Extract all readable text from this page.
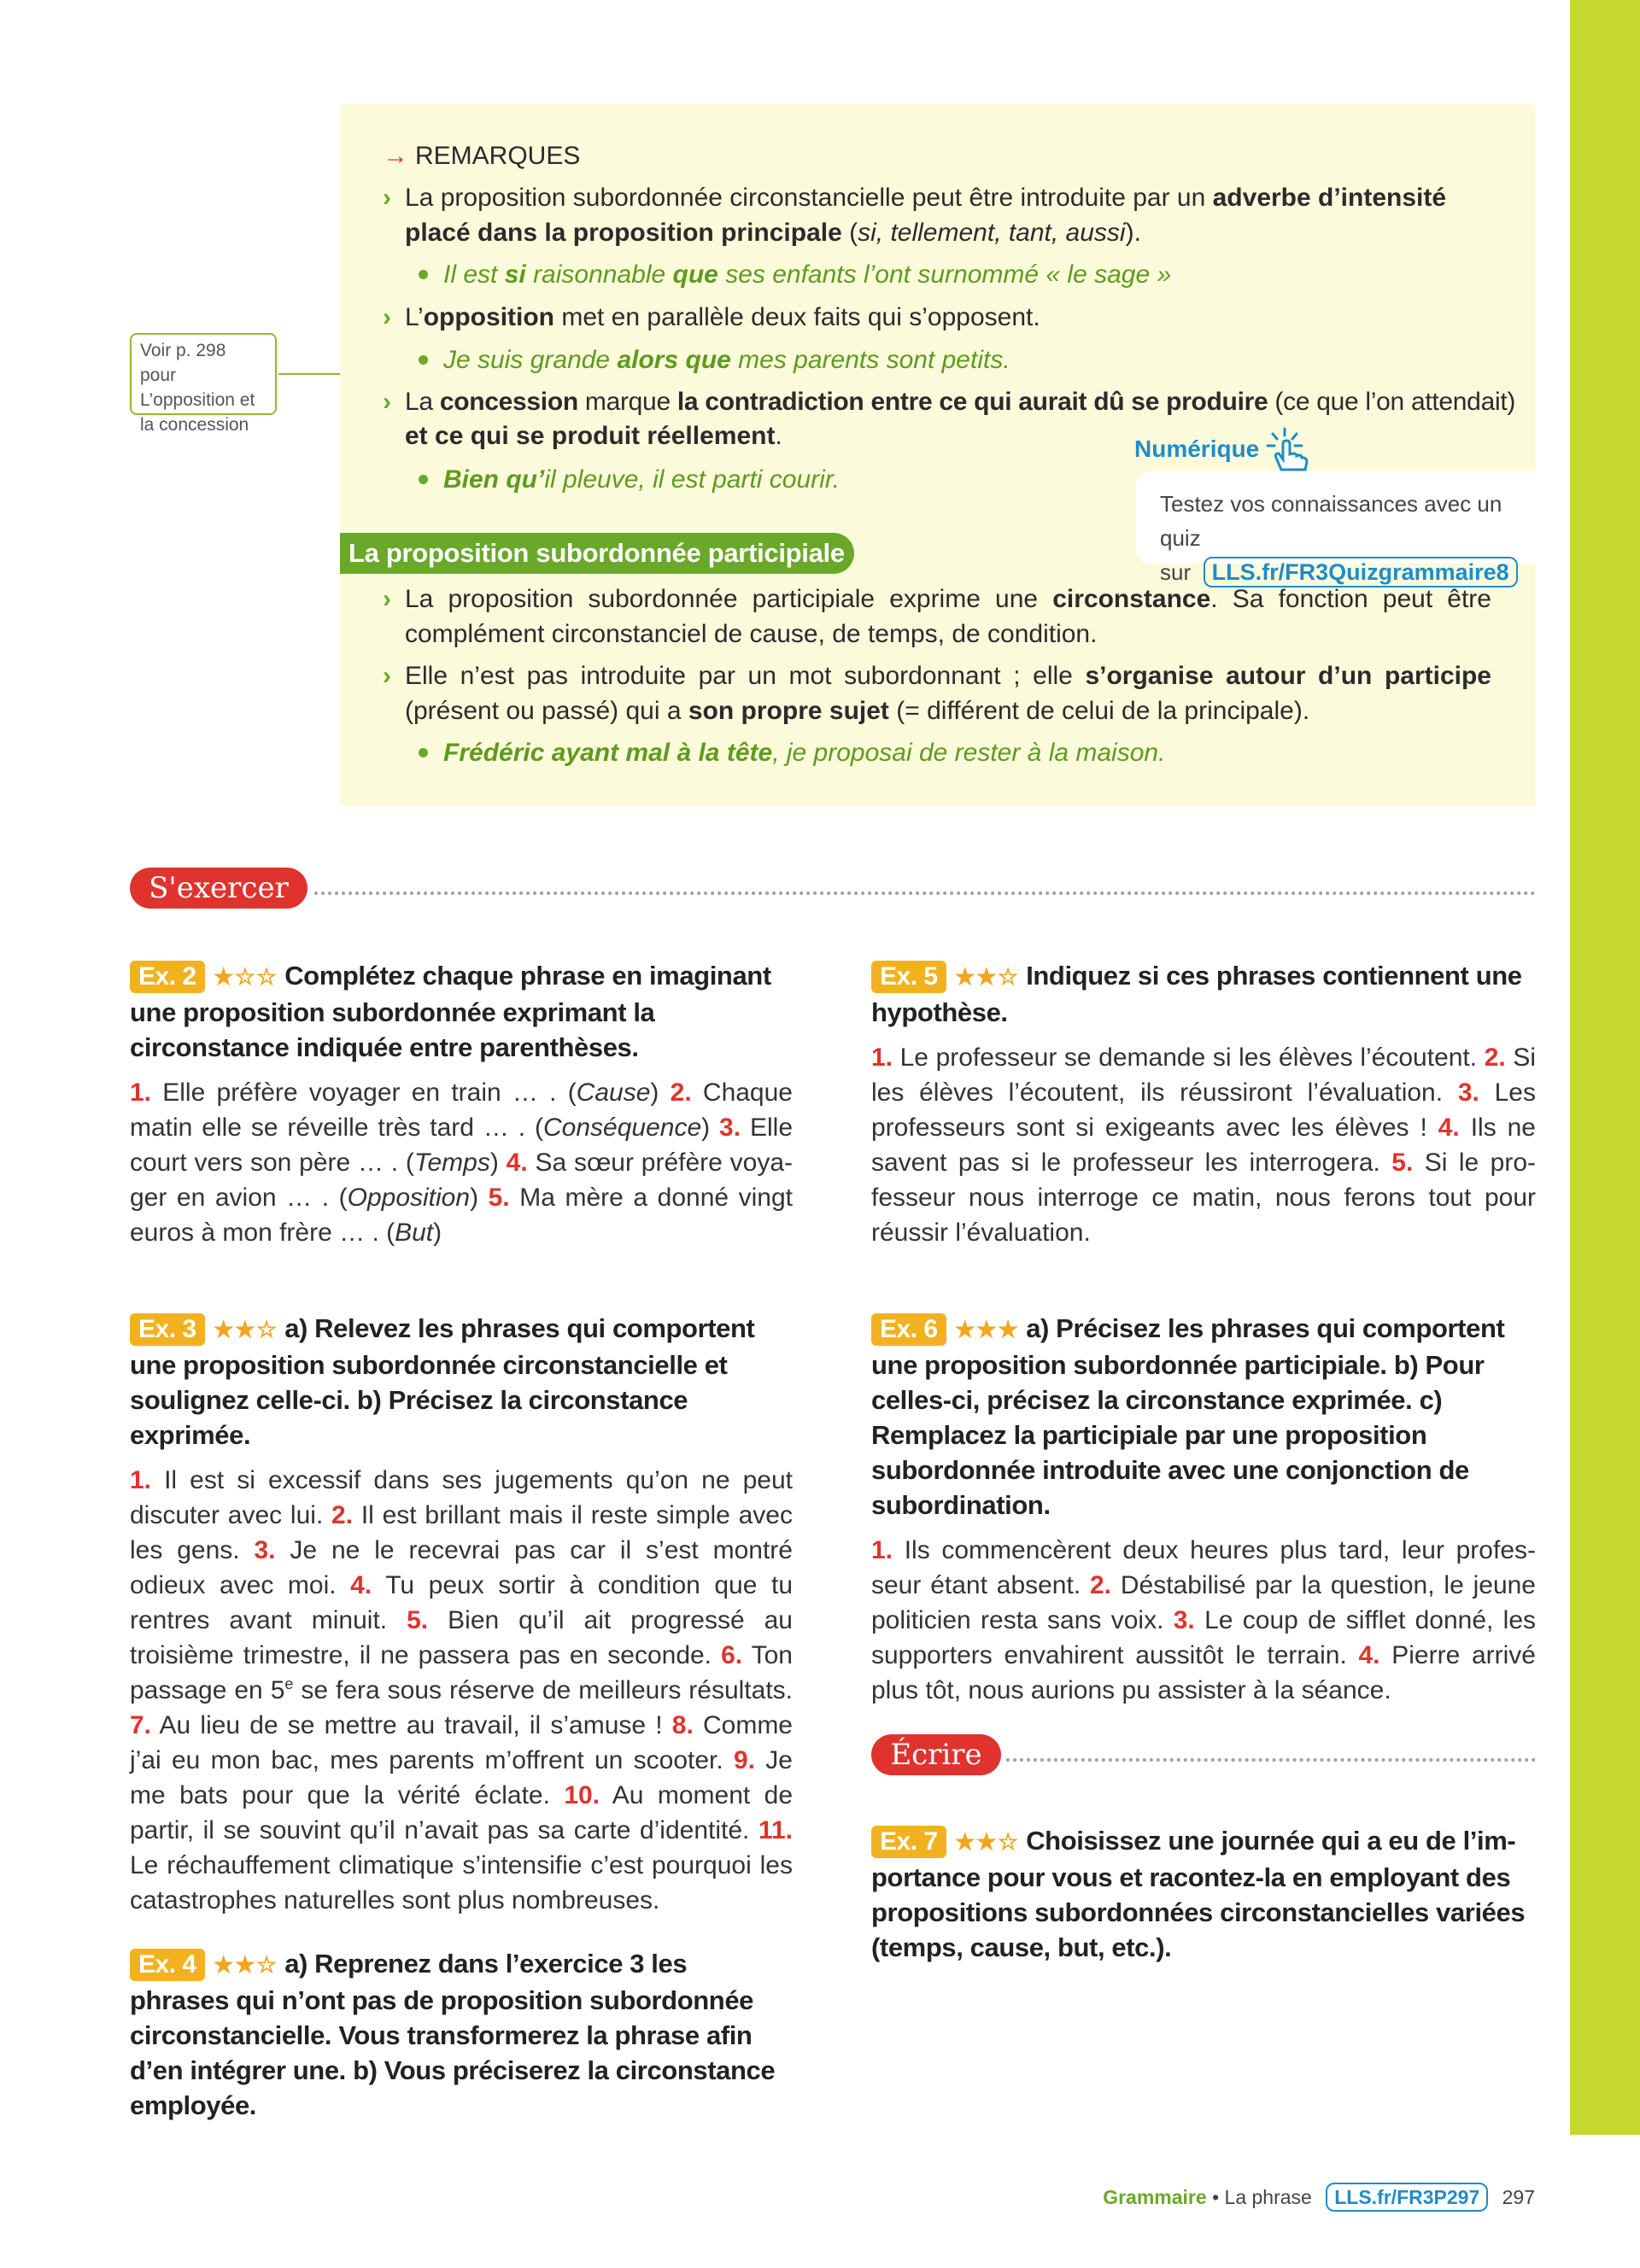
→ REMARQUES
› La proposition subordonnée circonstancielle peut être introduite par un adverbe d’intensité
placé dans la proposition principale (si, tellement, tant, aussi).
Il est si raisonnable que ses enfants l’ont surnommé « le sage »
› L’opposition met en parallèle deux faits qui s’opposent.
Je suis grande alors que mes parents sont petits.
› La concession marque la contradiction entre ce qui aurait dû se produire (ce que l’on attendait)
et ce qui se produit réellement.
Bien qu’il pleuve, il est parti courir.
Voir p. 298 pour L’opposition et la concession
Numérique
Testez vos connaissances avec un quiz
sur LLS.fr/FR3Quizgrammaire8
La proposition subordonnée participiale
› La proposition subordonnée participiale exprime une circonstance. Sa fonction peut être complément circonstanciel de cause, de temps, de condition.
› Elle n’est pas introduite par un mot subordonnant ; elle s’organise autour d’un participe (présent ou passé) qui a son propre sujet (= différent de celui de la principale).
Frédéric ayant mal à la tête, je proposai de rester à la maison.
S'exercer
Ex. 2 ★☆☆ Complétez chaque phrase en imaginant une proposition subordonnée exprimant la circonstance indiquée entre parenthèses.
1. Elle préfère voyager en train … . (Cause) 2. Chaque matin elle se réveille très tard … . (Conséquence) 3. Elle court vers son père … . (Temps) 4. Sa sœur préfère voyager en avion … . (Opposition) 5. Ma mère a donné vingt euros à mon frère … . (But)
Ex. 3 ★★☆ a) Relevez les phrases qui comportent une proposition subordonnée circonstancielle et soulignez celle-ci. b) Précisez la circonstance exprimée.
1. Il est si excessif dans ses jugements qu’on ne peut discuter avec lui. 2. Il est brillant mais il reste simple avec les gens. 3. Je ne le recevrai pas car il s’est montré odieux avec moi. 4. Tu peux sortir à condition que tu rentres avant minuit. 5. Bien qu’il ait progressé au troisième trimestre, il ne passera pas en seconde. 6. Ton passage en 5e se fera sous réserve de meilleurs résultats. 7. Au lieu de se mettre au travail, il s’amuse ! 8. Comme j’ai eu mon bac, mes parents m’offrent un scooter. 9. Je me bats pour que la vérité éclate. 10. Au moment de partir, il se souvint qu’il n’avait pas sa carte d’identité. 11. Le réchauffement climatique s’intensifie c’est pourquoi les catastrophes naturelles sont plus nombreuses.
Ex. 4 ★★☆ a) Reprenez dans l’exercice 3 les phrases qui n’ont pas de proposition subordonnée circonstancielle. Vous transformerez la phrase afin d’en intégrer une. b) Vous préciserez la circonstance employée.
Ex. 5 ★★☆ Indiquez si ces phrases contiennent une hypothèse.
1. Le professeur se demande si les élèves l’écoutent. 2. Si les élèves l’écoutent, ils réussiront l’évaluation. 3. Les professeurs sont si exigeants avec les élèves ! 4. Ils ne savent pas si le professeur les interrogera. 5. Si le professeur nous interroge ce matin, nous ferons tout pour réussir l’évaluation.
Ex. 6 ★★★ a) Précisez les phrases qui comportent une proposition subordonnée participiale. b) Pour celles-ci, précisez la circonstance exprimée. c) Remplacez la participiale par une proposition subordonnée introduite avec une conjonction de subordination.
1. Ils commencèrent deux heures plus tard, leur professeur étant absent. 2. Déstabilisé par la question, le jeune politicien resta sans voix. 3. Le coup de sifflet donné, les supporters envahirent aussitôt le terrain. 4. Pierre arrivé plus tôt, nous aurions pu assister à la séance.
Écrire
Ex. 7 ★★☆ Choisissez une journée qui a eu de l’importance pour vous et racontez-la en employant des propositions subordonnées circonstancielles variées (temps, cause, but, etc.).
Grammaire • La phrase LLS.fr/FR3P297 297
